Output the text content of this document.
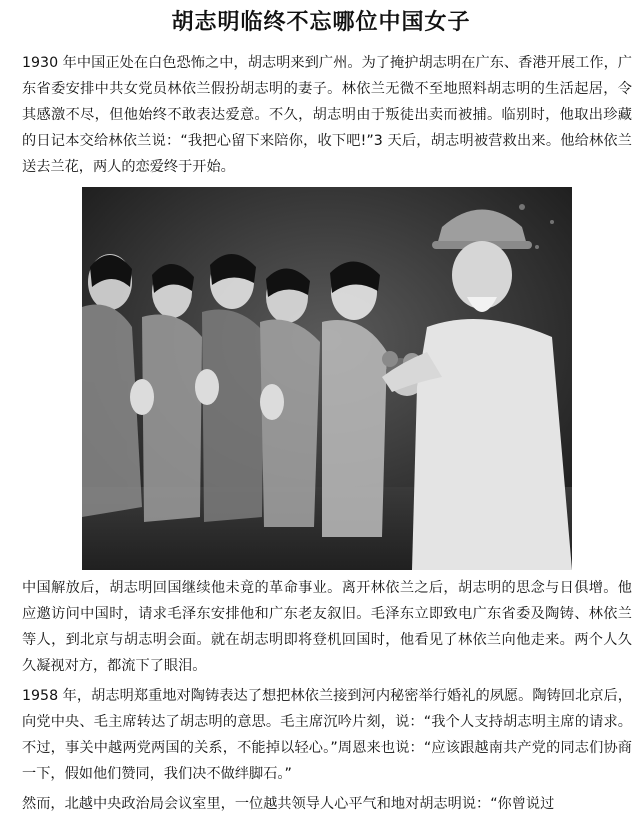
胡志明临终不忘哪位中国女子

1930 年中国正处在白色恐怖之中，胡志明来到广州。为了掩护胡志明在广东、香港开展工作，广东省委安排中共女党员林依兰假扮胡志明的妻子。林依兰无微不至地照料胡志明的生活起居，令其感激不尽，但他始终不敢表达爱意。不久，胡志明由于叛徒出卖而被捕。临别时，他取出珍藏的日记本交给林依兰说：“我把心留下来陪你，收下吧!”3 天后，胡志明被营救出来。他给林依兰送去兰花，两人的恋爱终于开始。

中国解放后，胡志明回国继续他未竟的革命事业。离开林依兰之后，胡志明的思念与日俱增。他应邀访问中国时，请求毛泽东安排他和广东老友叙旧。毛泽东立即致电广东省委及陶铸、林依兰等人，到北京与胡志明会面。就在胡志明即将登机回国时，他看见了林依兰向他走来。两个人久久凝视对方，都流下了眼泪。

1958 年，胡志明郑重地对陶铸表达了想把林依兰接到河内秘密举行婚礼的夙愿。陶铸回北京后，向党中央、毛主席转达了胡志明的意思。毛主席沉吟片刻，说：“我个人支持胡志明主席的请求。不过，事关中越两党两国的关系，不能掉以轻心。”周恩来也说：“应该跟越南共产党的同志们协商一下，假如他们赞同，我们决不做绊脚石。”

然而，北越中央政治局会议室里，一位越共领导人心平气和地对胡志明说：“你曾说过
